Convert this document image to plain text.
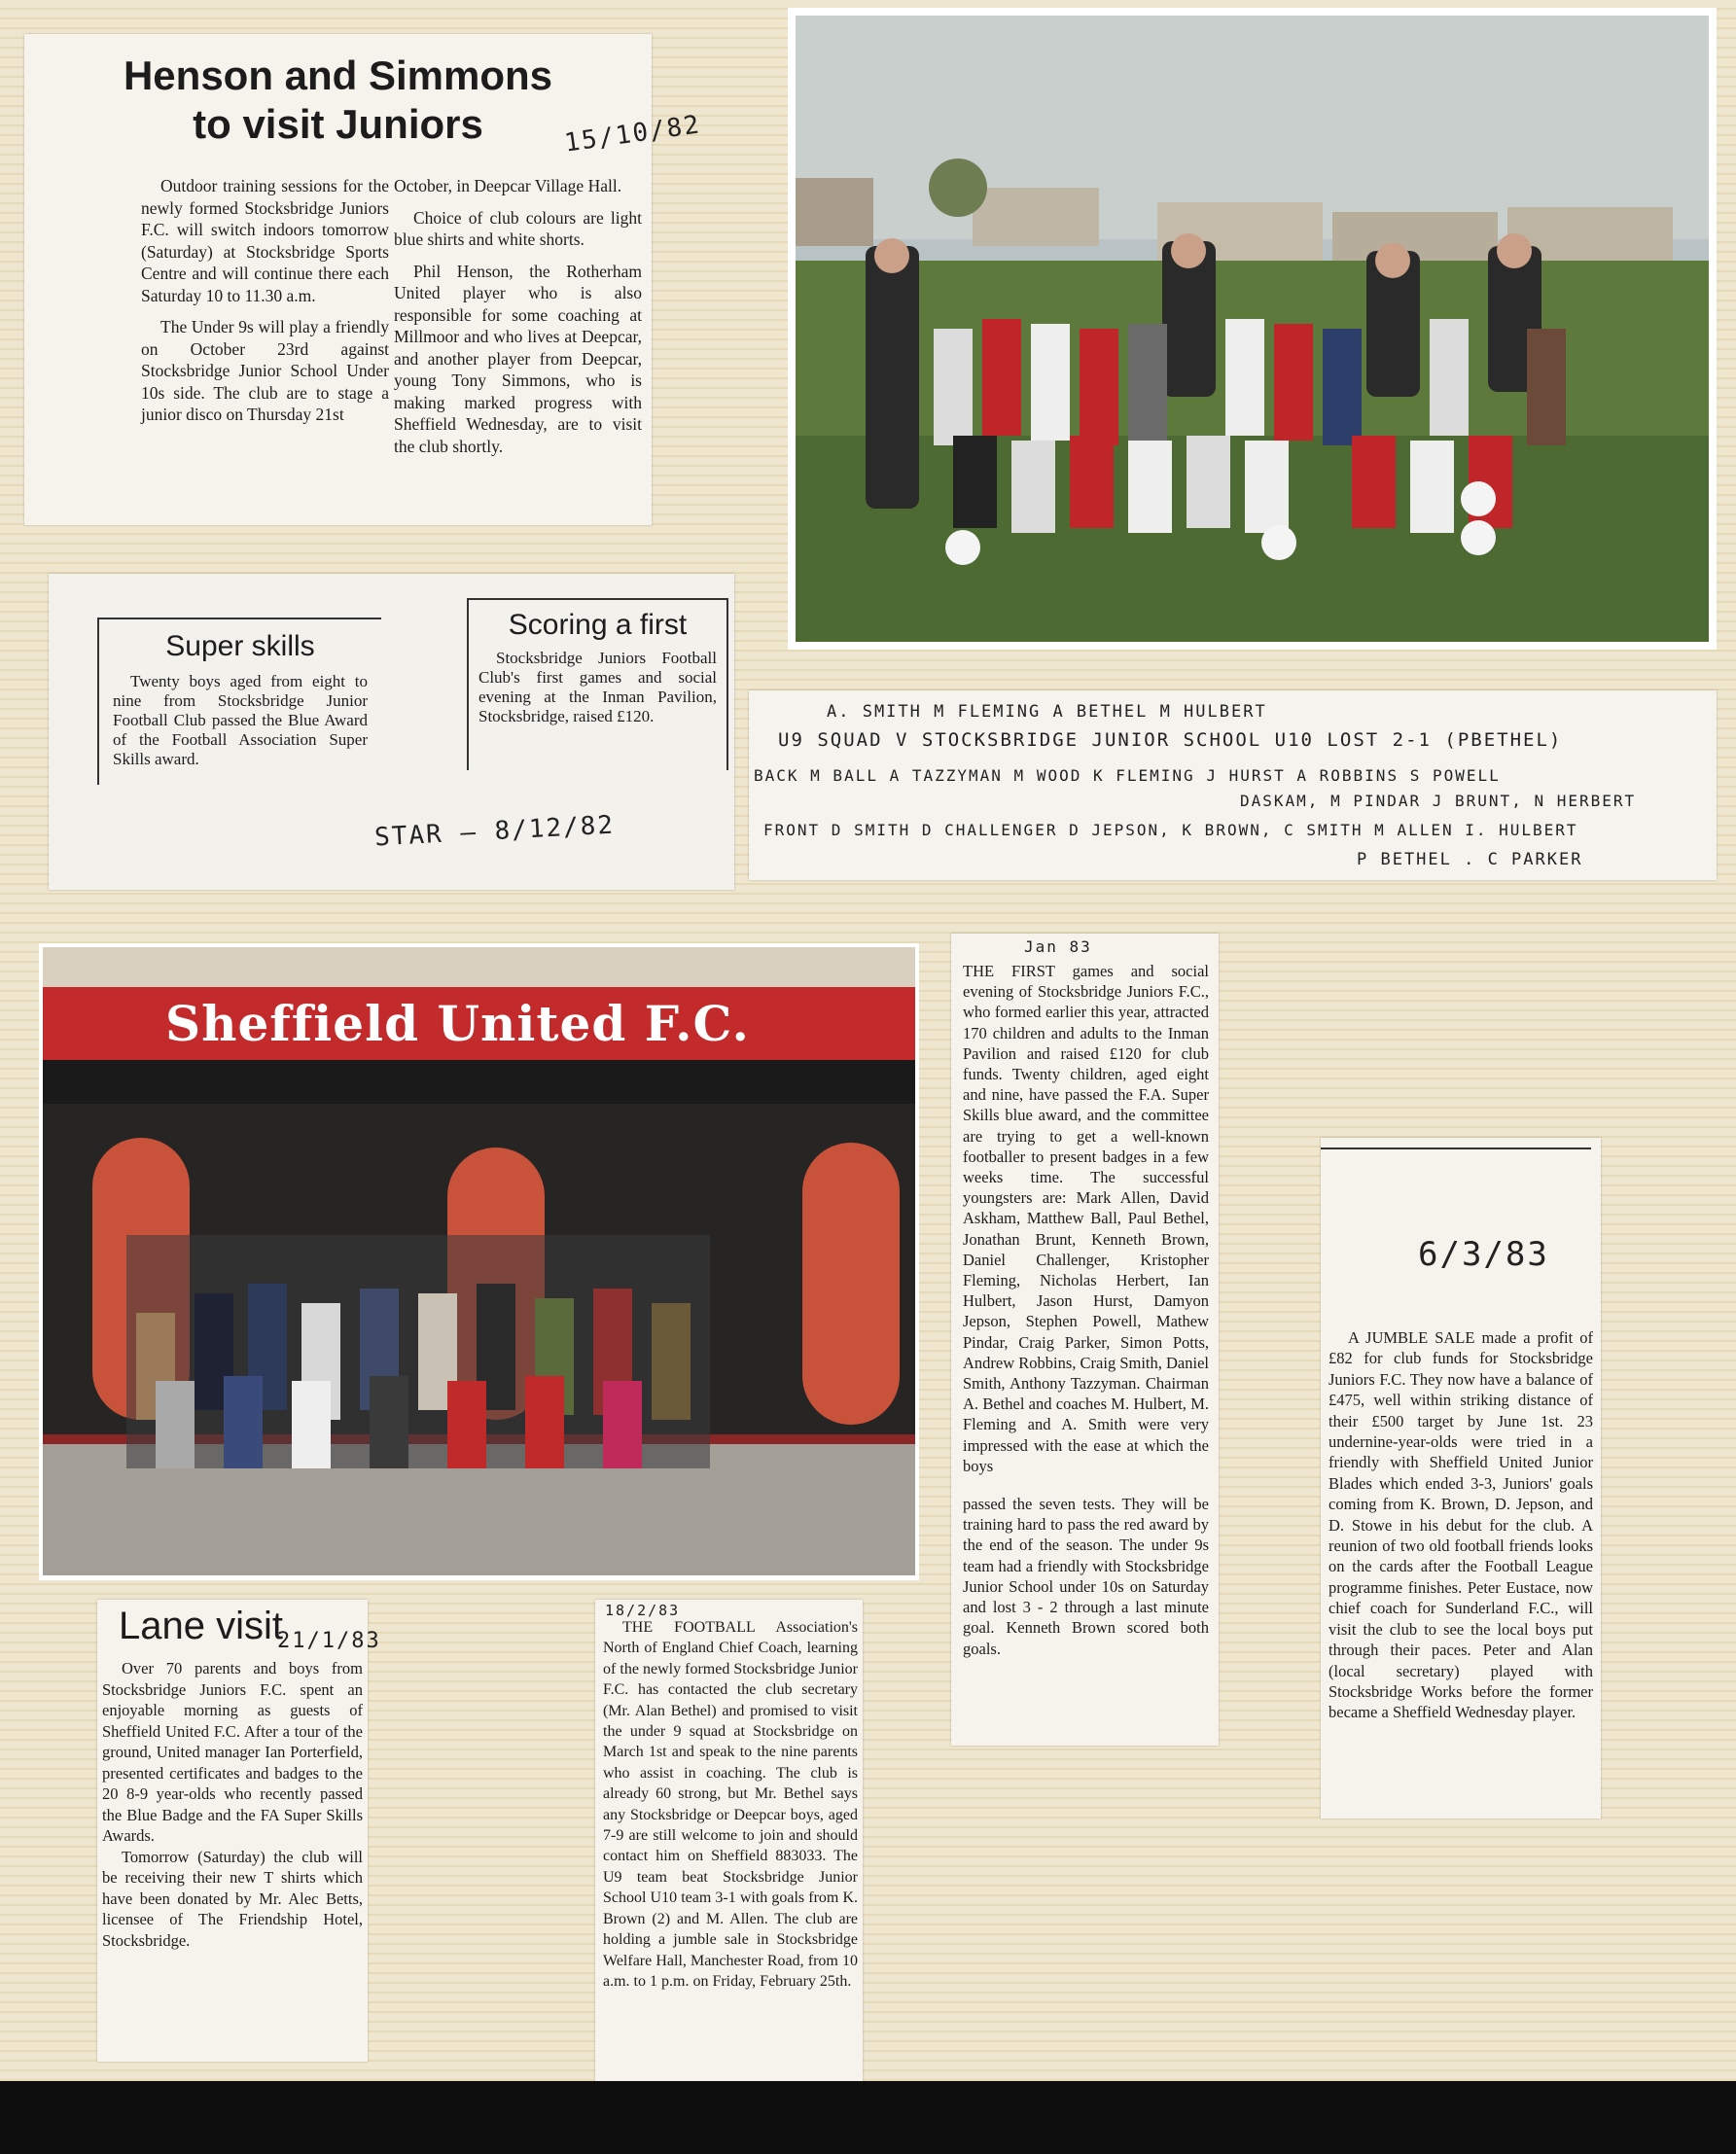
Henson and Simmons
to visit Juniors	15/10/82

Outdoor training sessions for the newly formed Stocksbridge Juniors F.C. will switch indoors tomorrow (Saturday) at Stocksbridge Sports Centre and will continue there each Saturday 10 to 11.30 a.m.

The Under 9s will play a friendly on October 23rd against Stocksbridge Junior School Under 10s side. The club are to stage a junior disco on Thursday 21st

October, in Deepcar Village Hall.

Choice of club colours are light blue shirts and white shorts.

Phil Henson, the Rotherham United player who is also responsible for some coaching at Millmoor and who lives at Deepcar, and another player from Deepcar, young Tony Simmons, who is making marked progress with Sheffield Wednesday, are to visit the club shortly.

Super skills
Twenty boys aged from eight to nine from Stocksbridge Junior Football Club passed the Blue Award of the Football Association Super Skills award.
Scoring a first
Stocksbridge Juniors Football Club's first games and social evening at the Inman Pavilion, Stocksbridge, raised £120.
STAR — 8/12/82
A. SMITH M FLEMING A BETHEL M HULBERT
U9 SQUAD V STOCKSBRIDGE JUNIOR SCHOOL U10 LOST 2-1 (PBETHEL)
BACK M BALL A TAZZYMAN M WOOD K FLEMING J HURST A ROBBINS S POWELL
DASKAM, M PINDAR J BRUNT, N HERBERT
FRONT D SMITH D CHALLENGER D JEPSON, K BROWN, C SMITH M ALLEN I. HULBERT
P BETHEL . C PARKER
Sheffield United F.C.
Jan 83

THE FIRST games and social evening of Stocksbridge Juniors F.C., who formed earlier this year, attracted 170 children and adults to the Inman Pavilion and raised £120 for club funds. Twenty children, aged eight and nine, have passed the F.A. Super Skills blue award, and the committee are trying to get a well-known footballer to present badges in a few weeks time. The successful youngsters are: Mark Allen, David Askham, Matthew Ball, Paul Bethel, Jonathan Brunt, Kenneth Brown, Daniel Challenger, Kristopher Fleming, Nicholas Herbert, Ian Hulbert, Jason Hurst, Damyon Jepson, Stephen Powell, Mathew Pindar, Craig Parker, Simon Potts, Andrew Robbins, Craig Smith, Daniel Smith, Anthony Tazzyman. Chairman A. Bethel and coaches M. Hulbert, M. Fleming and A. Smith were very impressed with the ease at which the boys

passed the seven tests. They will be training hard to pass the red award by the end of the season. The under 9s team had a friendly with Stocksbridge Junior School under 10s on Saturday and lost 3 - 2 through a last minute goal. Kenneth Brown scored both goals.

6/3/83

A JUMBLE SALE made a profit of £82 for club funds for Stocksbridge Juniors F.C. They now have a balance of £475, well within striking distance of their £500 target by June 1st. 23 undernine-year-olds were tried in a friendly with Sheffield United Junior Blades which ended 3-3, Juniors' goals coming from K. Brown, D. Jepson, and D. Stowe in his debut for the club. A reunion of two old football friends looks on the cards after the Football League programme finishes. Peter Eustace, now chief coach for Sunderland F.C., will visit the club to see the local boys put through their paces. Peter and Alan (local secretary) played with Stocksbridge Works before the former became a Sheffield Wednesday player.

Lane visit
21/1/83

Over 70 parents and boys from Stocksbridge Juniors F.C. spent an enjoyable morning as guests of Sheffield United F.C. After a tour of the ground, United manager Ian Porterfield, presented certificates and badges to the 20 8-9 year-olds who recently passed the Blue Badge and the FA Super Skills Awards.

Tomorrow (Saturday) the club will be receiving their new T shirts which have been donated by Mr. Alec Betts, licensee of The Friendship Hotel, Stocksbridge.

18/2/83

THE FOOTBALL Association's North of England Chief Coach, learning of the newly formed Stocksbridge Junior F.C. has contacted the club secretary (Mr. Alan Bethel) and promised to visit the under 9 squad at Stocksbridge on March 1st and speak to the nine parents who assist in coaching. The club is already 60 strong, but Mr. Bethel says any Stocksbridge or Deepcar boys, aged 7-9 are still welcome to join and should contact him on Sheffield 883033. The U9 team beat Stocksbridge Junior School U10 team 3-1 with goals from K. Brown (2) and M. Allen. The club are holding a jumble sale in Stocksbridge Welfare Hall, Manchester Road, from 10 a.m. to 1 p.m. on Friday, February 25th.
